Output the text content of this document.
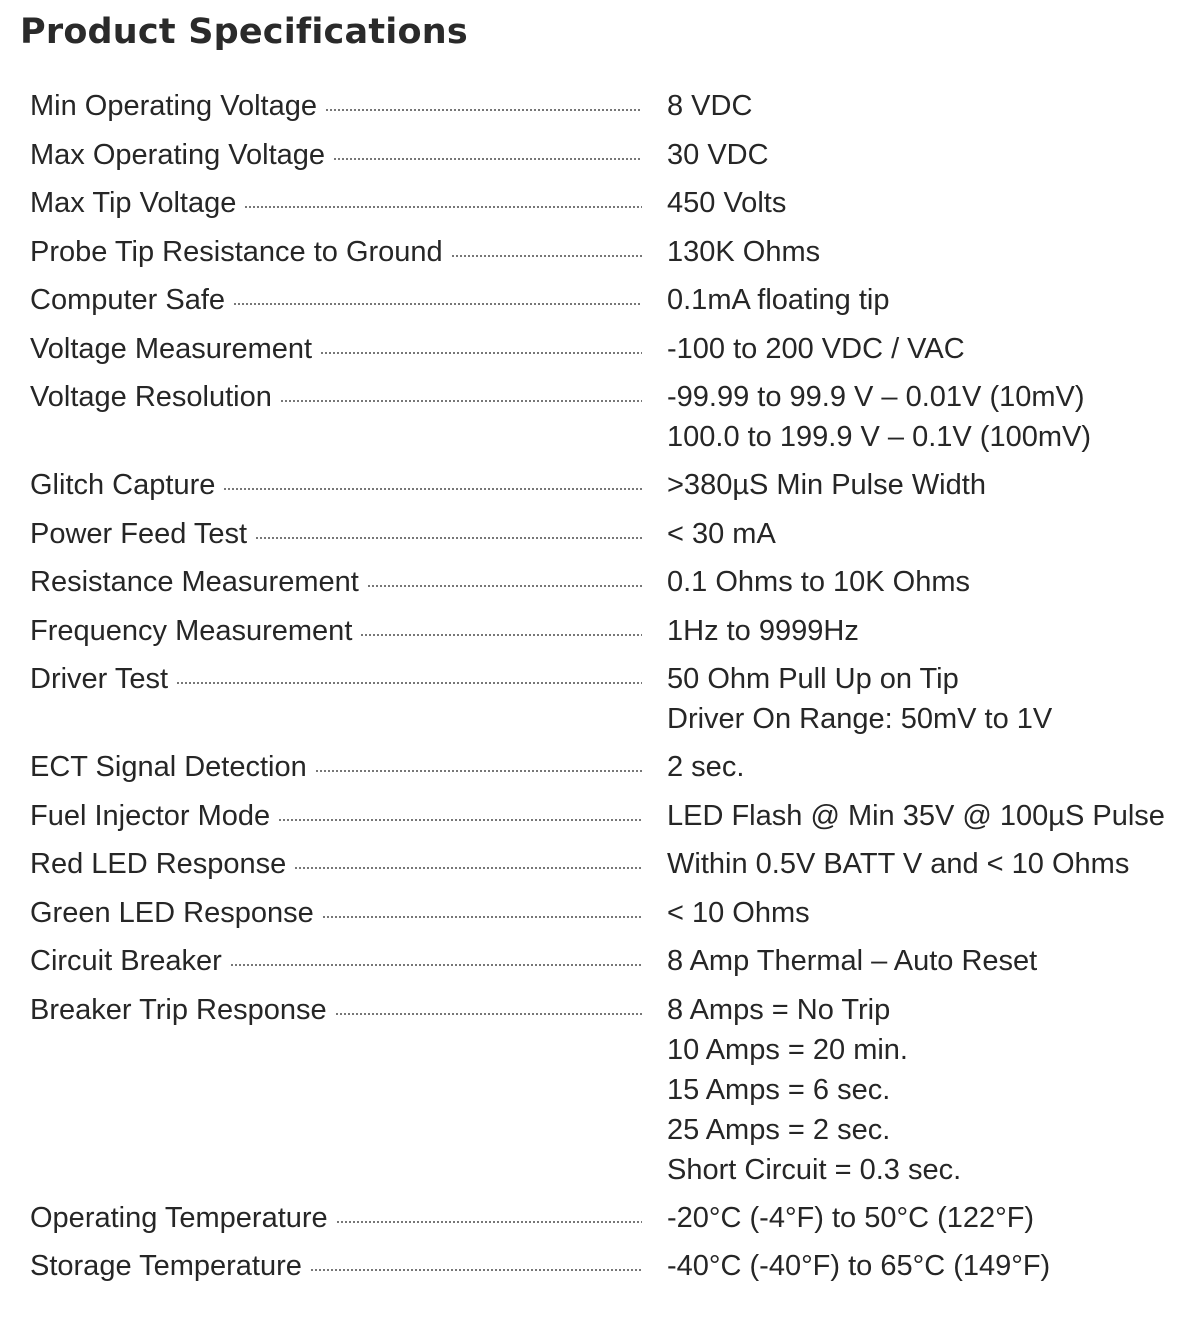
Product Specifications
Min Operating Voltage	8 VDC
Max Operating Voltage	30 VDC
Max Tip Voltage	450 Volts
Probe Tip Resistance to Ground	130K Ohms
Computer Safe	0.1mA floating tip
Voltage Measurement	-100 to 200 VDC / VAC
Voltage Resolution	-99.99 to 99.9 V – 0.01V (10mV)
100.0 to 199.9 V – 0.1V (100mV)
Glitch Capture	>380µS Min Pulse Width
Power Feed Test	< 30 mA
Resistance Measurement	0.1 Ohms to 10K Ohms
Frequency Measurement	1Hz to 9999Hz
Driver Test	50 Ohm Pull Up on Tip
Driver On Range: 50mV to 1V
ECT Signal Detection	2 sec.
Fuel Injector Mode	LED Flash @ Min 35V @ 100µS Pulse
Red LED Response	Within 0.5V BATT V and < 10 Ohms
Green LED Response	< 10 Ohms
Circuit Breaker	8 Amp Thermal – Auto Reset
Breaker Trip Response	8 Amps = No Trip
10 Amps = 20 min.
15 Amps = 6 sec.
25 Amps = 2 sec.
Short Circuit = 0.3 sec.
Operating Temperature	-20°C (-4°F) to 50°C (122°F)
Storage Temperature	-40°C (-40°F) to 65°C (149°F)
